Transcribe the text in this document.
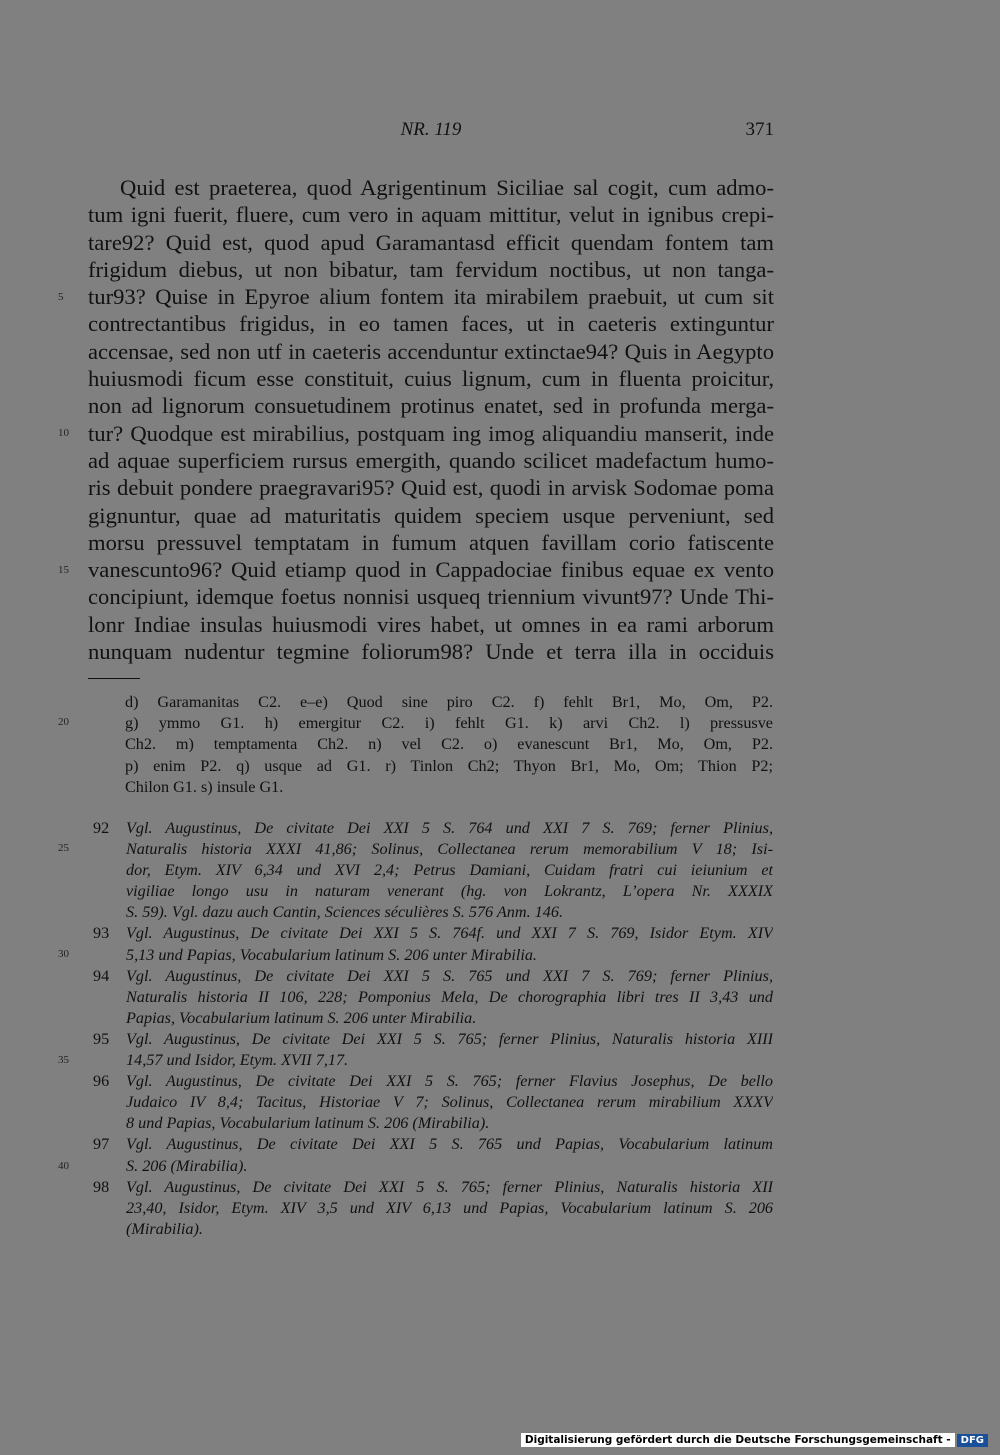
NR. 119	371
Quid est praeterea, quod Agrigentinum Siciliae sal cogit, cum admo-
tum igni fuerit, fluere, cum vero in aquam mittitur, velut in ignibus crepi-
tare92? Quid est, quod apud Garamantasd efficit quendam fontem tam
frigidum diebus, ut non bibatur, tam fervidum noctibus, ut non tanga-
tur93? Quise in Epyroe alium fontem ita mirabilem praebuit, ut cum sit
contrectantibus frigidus, in eo tamen faces, ut in caeteris extinguntur
accensae, sed non utf in caeteris accenduntur extinctae94? Quis in Aegypto
huiusmodi ficum esse constituit, cuius lignum, cum in fluenta proicitur,
non ad lignorum consuetudinem protinus enatet, sed in profunda merga-
tur? Quodque est mirabilius, postquam ing imog aliquandiu manserit, inde
ad aquae superficiem rursus emergith, quando scilicet madefactum humo-
ris debuit pondere praegravari95? Quid est, quodi in arvisk Sodomae poma
gignuntur, quae ad maturitatis quidem speciem usque perveniunt, sed
morsu pressuvel temptatam in fumum atquen favillam corio fatiscente
vanescunto96? Quid etiamp quod in Cappadociae finibus equae ex vento
concipiunt, idemque foetus nonnisi usqueq triennium vivunt97? Unde Thi-
lonr Indiae insulas huiusmodi vires habet, ut omnes in ea rami arborum
nunquam nudentur tegmine foliorum98? Unde et terra illa in occiduis
d) Garamanitas C2. e–e) Quod sine piro C2. f) fehlt Br1, Mo, Om, P2.
g) ymmo G1. h) emergitur C2. i) fehlt G1. k) arvi Ch2. l) pressusve
Ch2. m) temptamenta Ch2. n) vel C2. o) evanescunt Br1, Mo, Om, P2.
p) enim P2. q) usque ad G1. r) Tinlon Ch2; Thyon Br1, Mo, Om; Thion P2;
Chilon G1. s) insule G1.
92 Vgl. Augustinus, De civitate Dei XXI 5 S. 764 und XXI 7 S. 769; ferner Plinius,
Naturalis historia XXXI 41,86; Solinus, Collectanea rerum memorabilium V 18; Isi-
dor, Etym. XIV 6,34 und XVI 2,4; Petrus Damiani, Cuidam fratri cui ieiunium et
vigiliae longo usu in naturam venerant (hg. von Lokrantz, L’opera Nr. XXXIX
S. 59). Vgl. dazu auch Cantin, Sciences séculières S. 576 Anm. 146.
93 Vgl. Augustinus, De civitate Dei XXI 5 S. 764f. und XXI 7 S. 769, Isidor Etym. XIV
5,13 und Papias, Vocabularium latinum S. 206 unter Mirabilia.
94 Vgl. Augustinus, De civitate Dei XXI 5 S. 765 und XXI 7 S. 769; ferner Plinius,
Naturalis historia II 106, 228; Pomponius Mela, De chorographia libri tres II 3,43 und
Papias, Vocabularium latinum S. 206 unter Mirabilia.
95 Vgl. Augustinus, De civitate Dei XXI 5 S. 765; ferner Plinius, Naturalis historia XIII
14,57 und Isidor, Etym. XVII 7,17.
96 Vgl. Augustinus, De civitate Dei XXI 5 S. 765; ferner Flavius Josephus, De bello
Judaico IV 8,4; Tacitus, Historiae V 7; Solinus, Collectanea rerum mirabilium XXXV
8 und Papias, Vocabularium latinum S. 206 (Mirabilia).
97 Vgl. Augustinus, De civitate Dei XXI 5 S. 765 und Papias, Vocabularium latinum
S. 206 (Mirabilia).
98 Vgl. Augustinus, De civitate Dei XXI 5 S. 765; ferner Plinius, Naturalis historia XII
23,40, Isidor, Etym. XIV 3,5 und XIV 6,13 und Papias, Vocabularium latinum S. 206
(Mirabilia).
5
10
15
20
25
30
35
40
Digitalisierung gefördert durch die Deutsche Forschungsgemeinschaft - DFG
